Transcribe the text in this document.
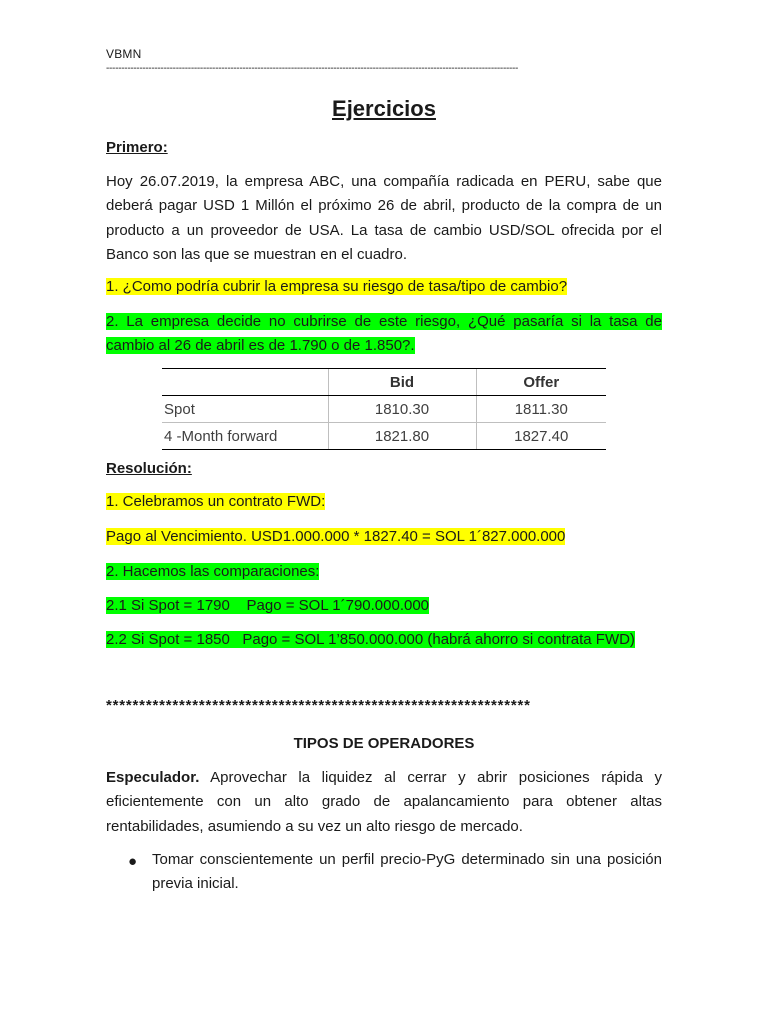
VBMN
----------------------------------------------------------------------------------------------------------------------------------------
Ejercicios
Primero:
Hoy 26.07.2019, la empresa ABC, una compañía radicada en PERU, sabe que deberá pagar USD 1 Millón el próximo 26 de abril, producto de la compra de un producto a un proveedor de USA. La tasa de cambio USD/SOL ofrecida por el Banco son las que se muestran en el cuadro.
1. ¿Como podría cubrir la empresa su riesgo de tasa/tipo de cambio?
2. La empresa decide no cubrirse de este riesgo, ¿Qué pasaría si la tasa de cambio al 26 de abril es de 1.790 o de 1.850?.
	Bid	Offer
Spot	1810.30	1811.30
4 -Month forward	1821.80	1827.40
Resolución:
1. Celebramos un contrato FWD:
Pago al Vencimiento. USD1.000.000 * 1827.40 = SOL 1´827.000.000
2. Hacemos las comparaciones:
2.1 Si Spot = 1790    Pago = SOL 1´790.000.000
2.2 Si Spot = 1850   Pago = SOL 1’850.000.000 (habrá ahorro si contrata FWD)
****************************************************************
TIPOS DE OPERADORES
Especulador. Aprovechar la liquidez al cerrar y abrir posiciones rápida y eficientemente con un alto grado de apalancamiento para obtener altas rentabilidades, asumiendo a su vez un alto riesgo de mercado.
● Tomar conscientemente un perfil precio-PyG determinado sin una posición previa inicial.
